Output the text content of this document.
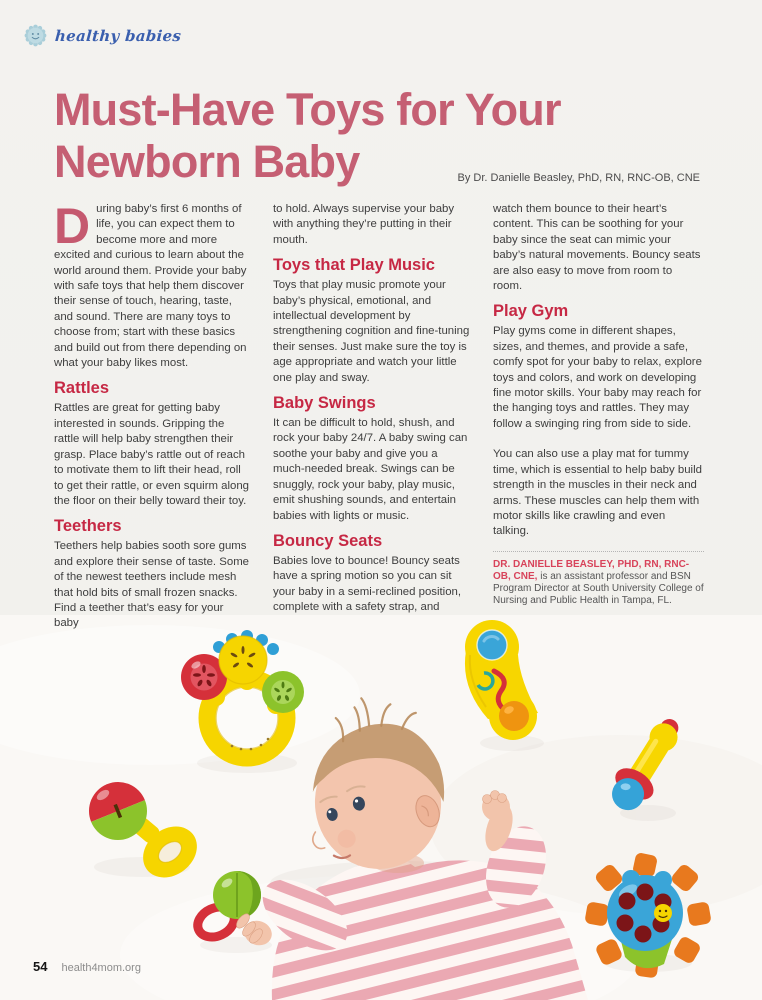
healthy babies
Must-Have Toys for Your
Newborn Baby	By Dr. Danielle Beasley, PhD, RN, RNC-OB, CNE

During baby’s first 6 months of life, you can expect them to become more and more excited and curious to learn about the world around them. Provide your baby with safe toys that help them discover their sense of touch, hearing, taste, and sound. There are many toys to choose from; start with these basics and build out from there depending on what your baby likes most.

Rattles

Rattles are great for getting baby interested in sounds. Gripping the rattle will help baby strengthen their grasp. Place baby’s rattle out of reach to motivate them to lift their head, roll to get their rattle, or even squirm along the floor on their belly toward their toy.

Teethers

Teethers help babies sooth sore gums and explore their sense of taste. Some of the newest teethers include mesh that hold bits of small frozen snacks. Find a teether that’s easy for your baby

to hold. Always supervise your baby with anything they’re putting in their mouth.

Toys that Play Music

Toys that play music promote your baby’s physical, emotional, and intellectual development by strengthening cognition and fine-tuning their senses. Just make sure the toy is age appropriate and watch your little one play and sway.

Baby Swings

It can be difficult to hold, shush, and rock your baby 24/7. A baby swing can soothe your baby and give you a much-needed break. Swings can be snuggly, rock your baby, play music, emit shushing sounds, and entertain babies with lights or music.

Bouncy Seats

Babies love to bounce! Bouncy seats have a spring motion so you can sit your baby in a semi-reclined position, complete with a safety strap, and

watch them bounce to their heart’s content. This can be soothing for your baby since the seat can mimic your baby’s natural movements. Bouncy seats are also easy to move from room to room.

Play Gym

Play gyms come in different shapes, sizes, and themes, and provide a safe, comfy spot for your baby to relax, explore toys and colors, and work on developing fine motor skills. Your baby may reach for the hanging toys and rattles. They may follow a swinging ring from side to side.

You can also use a play mat for tummy time, which is essential to help baby build strength in the muscles in their neck and arms. These muscles can help them with motor skills like crawling and even talking.

DR. DANIELLE BEASLEY, PHD, RN, RNC-OB, CNE, is an assistant professor and BSN Program Director at South University College of Nursing and Public Health in Tampa, FL.

54 health4mom.org
